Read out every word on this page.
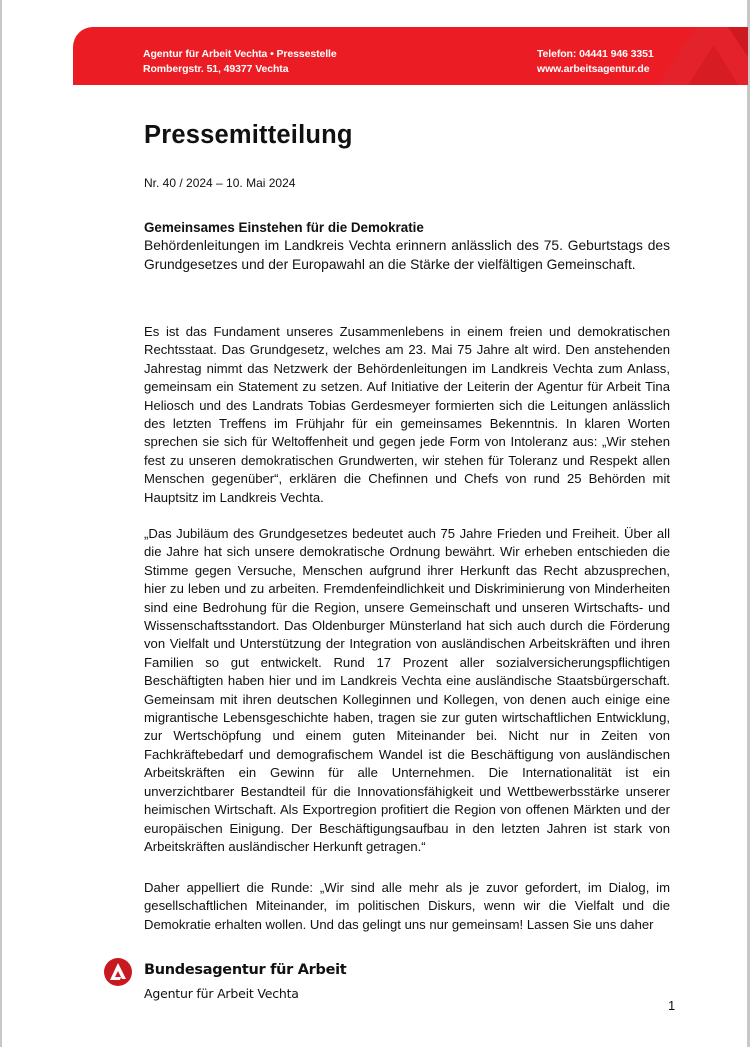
Agentur für Arbeit Vechta • Pressestelle
Rombergstr. 51, 49377 Vechta
Telefon: 04441 946 3351
www.arbeitsagentur.de
Pressemitteilung
Nr. 40 / 2024 – 10. Mai 2024
Gemeinsames Einstehen für die Demokratie
Behördenleitungen im Landkreis Vechta erinnern anlässlich des 75. Geburtstags des Grundgesetzes und der Europawahl an die Stärke der vielfältigen Gemeinschaft.
Es ist das Fundament unseres Zusammenlebens in einem freien und demokratischen Rechtsstaat. Das Grundgesetz, welches am 23. Mai 75 Jahre alt wird. Den anstehenden Jahrestag nimmt das Netzwerk der Behördenleitungen im Landkreis Vechta zum Anlass, gemeinsam ein Statement zu setzen. Auf Initiative der Leiterin der Agentur für Arbeit Tina Heliosch und des Landrats Tobias Gerdesmeyer formierten sich die Leitungen anlässlich des letzten Treffens im Frühjahr für ein gemeinsames Bekenntnis. In klaren Worten sprechen sie sich für Weltoffenheit und gegen jede Form von Intoleranz aus: „Wir stehen fest zu unseren demokratischen Grundwerten, wir stehen für Toleranz und Respekt allen Menschen gegenüber“, erklären die Chefinnen und Chefs von rund 25 Behörden mit Hauptsitz im Landkreis Vechta.
„Das Jubiläum des Grundgesetzes bedeutet auch 75 Jahre Frieden und Freiheit. Über all die Jahre hat sich unsere demokratische Ordnung bewährt. Wir erheben entschieden die Stimme gegen Versuche, Menschen aufgrund ihrer Herkunft das Recht abzusprechen, hier zu leben und zu arbeiten. Fremdenfeindlichkeit und Diskriminierung von Minderheiten sind eine Bedrohung für die Region, unsere Gemeinschaft und unseren Wirtschafts- und Wissenschaftsstandort. Das Oldenburger Münsterland hat sich auch durch die Förderung von Vielfalt und Unterstützung der Integration von ausländischen Arbeitskräften und ihren Familien so gut entwickelt. Rund 17 Prozent aller sozialversicherungspflichtigen Beschäftigten haben hier und im Landkreis Vechta eine ausländische Staatsbürgerschaft. Gemeinsam mit ihren deutschen Kolleginnen und Kollegen, von denen auch einige eine migrantische Lebensgeschichte haben, tragen sie zur guten wirtschaftlichen Entwicklung, zur Wertschöpfung und einem guten Miteinander bei. Nicht nur in Zeiten von Fachkräftebedarf und demografischem Wandel ist die Beschäftigung von ausländischen Arbeitskräften ein Gewinn für alle Unternehmen. Die Internationalität ist ein unverzichtbarer Bestandteil für die Innovationsfähigkeit und Wettbewerbsstärke unserer heimischen Wirtschaft. Als Exportregion profitiert die Region von offenen Märkten und der europäischen Einigung. Der Beschäftigungsaufbau in den letzten Jahren ist stark von Arbeitskräften ausländischer Herkunft getragen.“
Daher appelliert die Runde: „Wir sind alle mehr als je zuvor gefordert, im Dialog, im gesellschaftlichen Miteinander, im politischen Diskurs, wenn wir die Vielfalt und die Demokratie erhalten wollen. Und das gelingt uns nur gemeinsam! Lassen Sie uns daher
Bundesagentur für Arbeit
Agentur für Arbeit Vechta
1
